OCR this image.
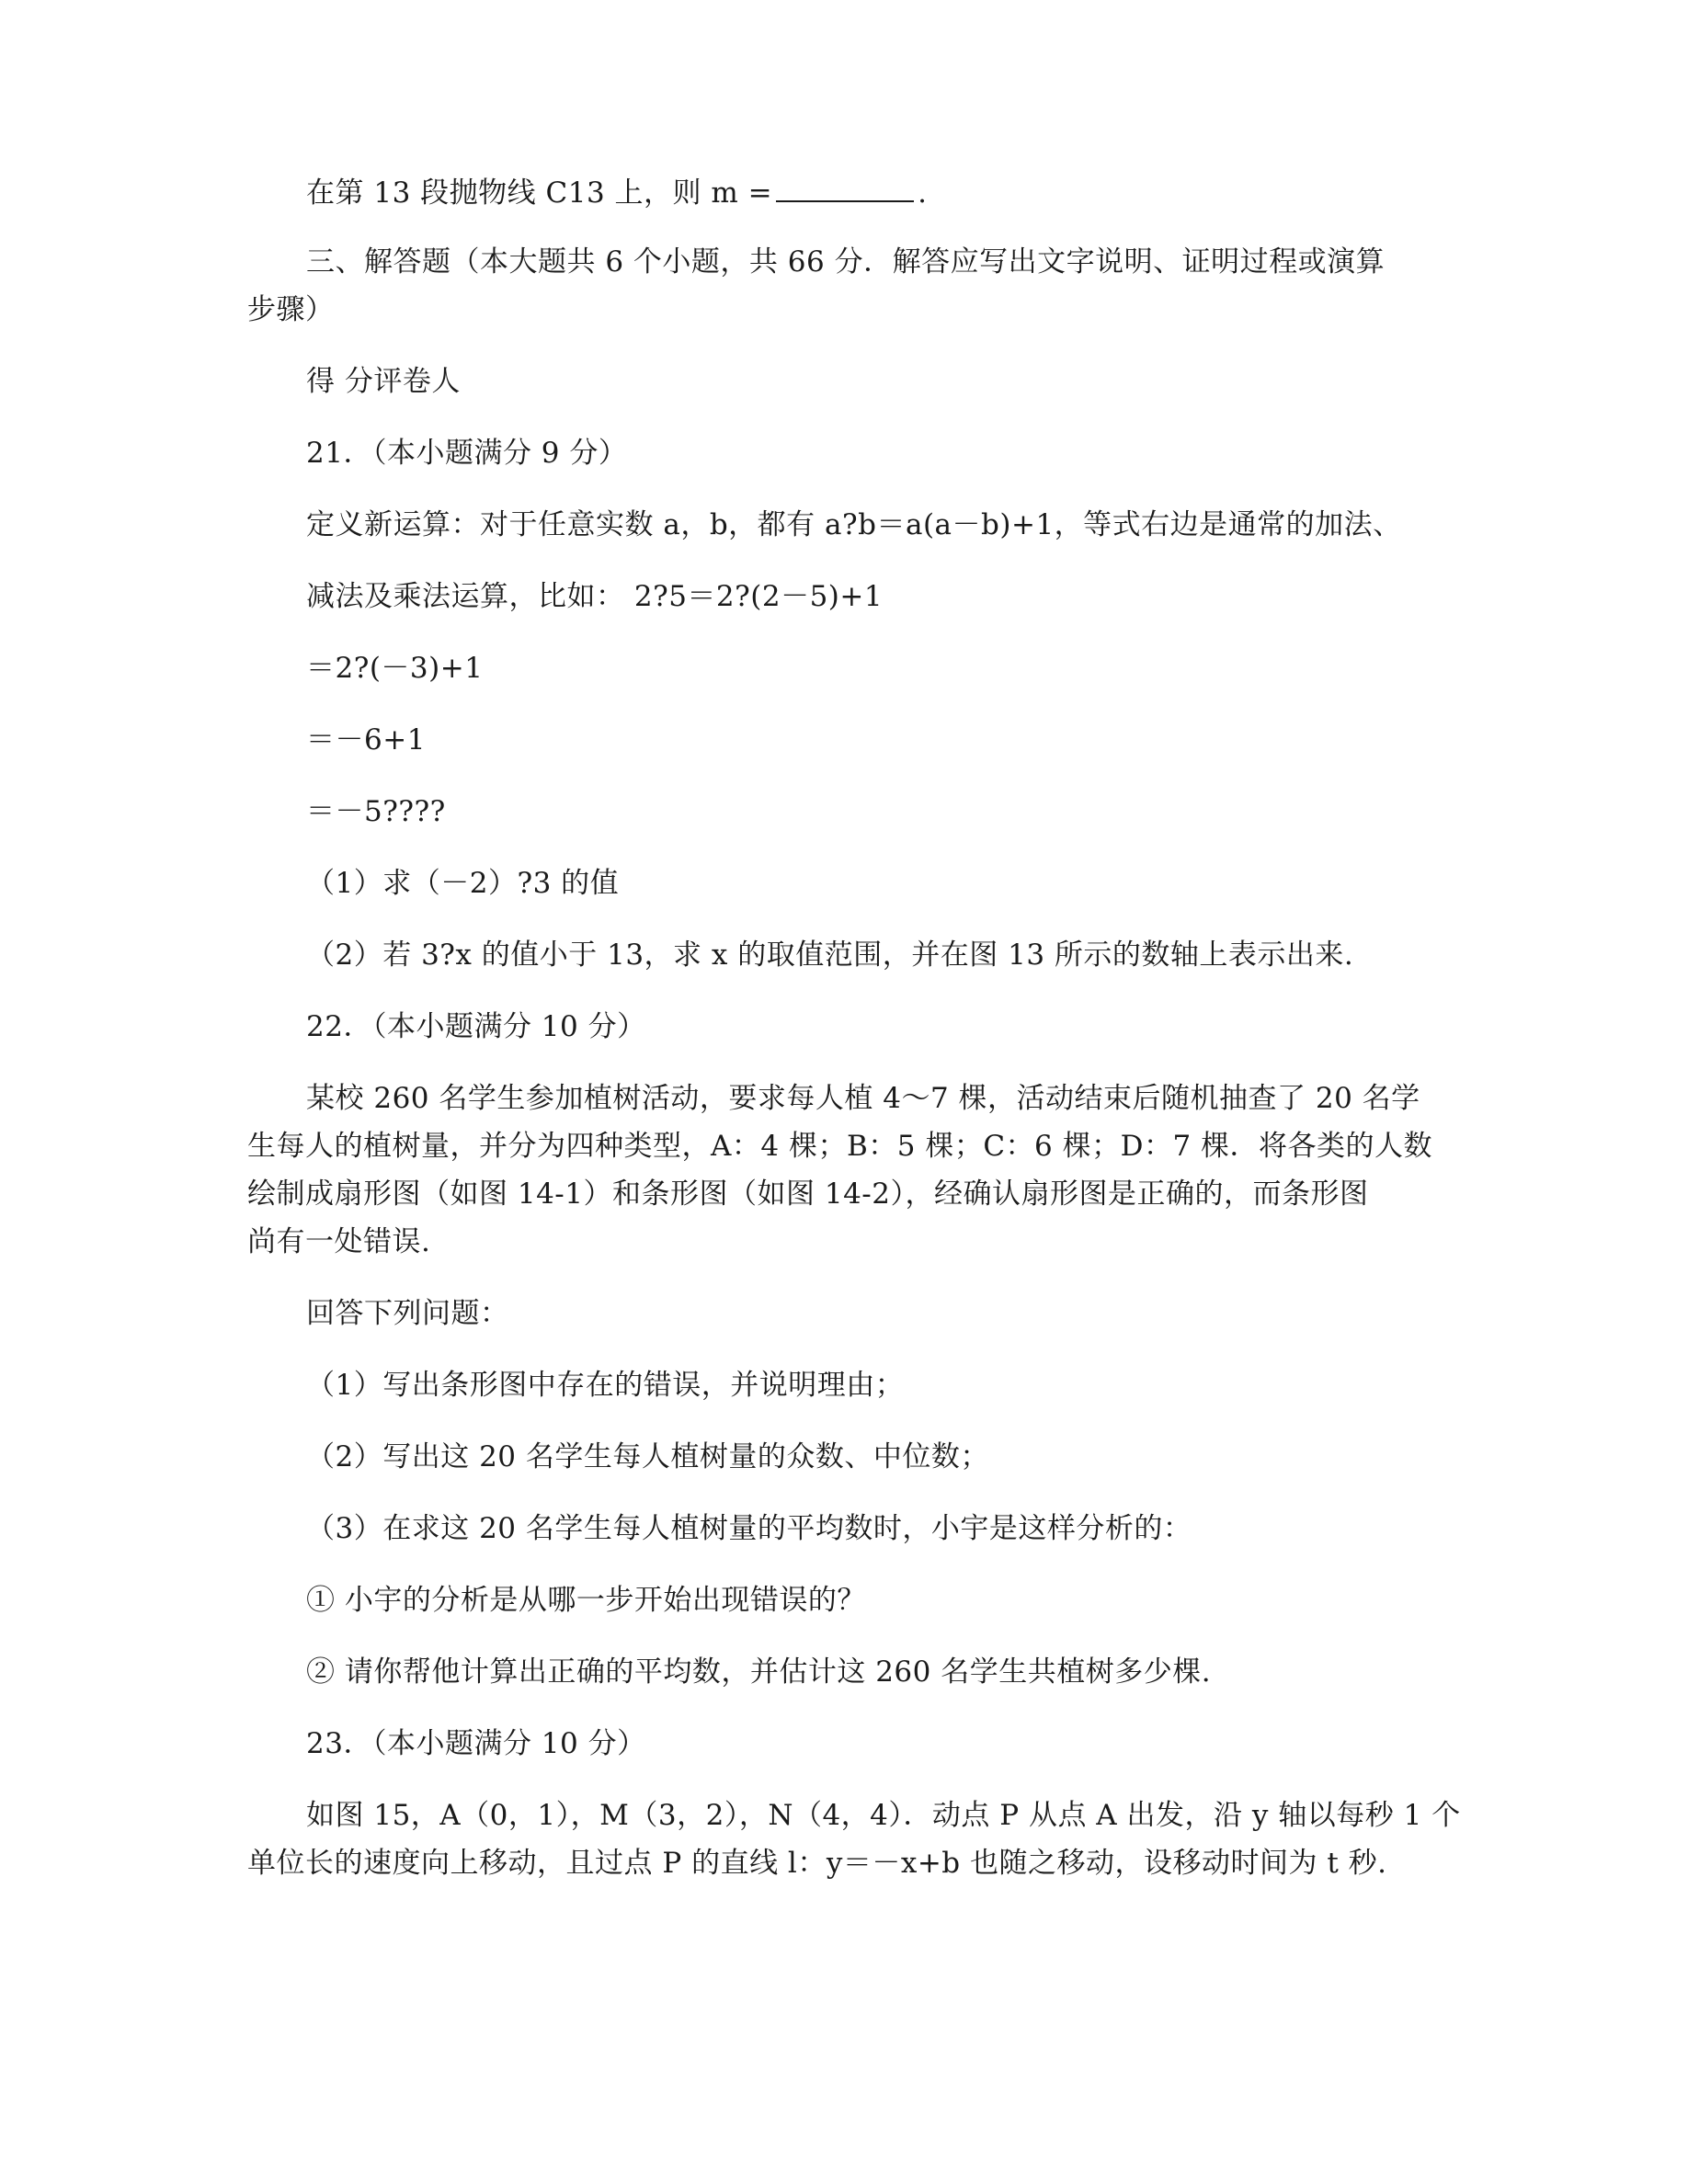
在第 13 段抛物线 C13 上，则 m =	.
三、解答题（本大题共 6 个小题，共 66 分．解答应写出文字说明、证明过程或演算
步骤）
得 分评卷人
21．（本小题满分 9 分）
定义新运算：对于任意实数 a，b，都有 a?b＝a(a－b)+1，等式右边是通常的加法、
减法及乘法运算，比如： 2?5＝2?(2－5)+1
＝2?(－3)+1
＝－6+1
＝－5????
（1）求（－2）?3 的值
（2）若 3?x 的值小于 13，求 x 的取值范围，并在图 13 所示的数轴上表示出来.
22．（本小题满分 10 分）
某校 260 名学生参加植树活动，要求每人植 4～7 棵，活动结束后随机抽查了 20 名学
生每人的植树量，并分为四种类型，A：4 棵；B：5 棵；C：6 棵；D：7 棵．将各类的人数
绘制成扇形图（如图 14-1）和条形图（如图 14-2），经确认扇形图是正确的，而条形图
尚有一处错误.
回答下列问题：
（1）写出条形图中存在的错误，并说明理由；
（2）写出这 20 名学生每人植树量的众数、中位数；
（3）在求这 20 名学生每人植树量的平均数时，小宇是这样分析的：
① 小宇的分析是从哪一步开始出现错误的？
② 请你帮他计算出正确的平均数，并估计这 260 名学生共植树多少棵.
23．（本小题满分 10 分）
如图 15，A（0，1），M（3，2），N（4，4）．动点 P 从点 A 出发，沿 y 轴以每秒 1 个
单位长的速度向上移动，且过点 P 的直线 l：y＝－x+b 也随之移动，设移动时间为 t 秒.
